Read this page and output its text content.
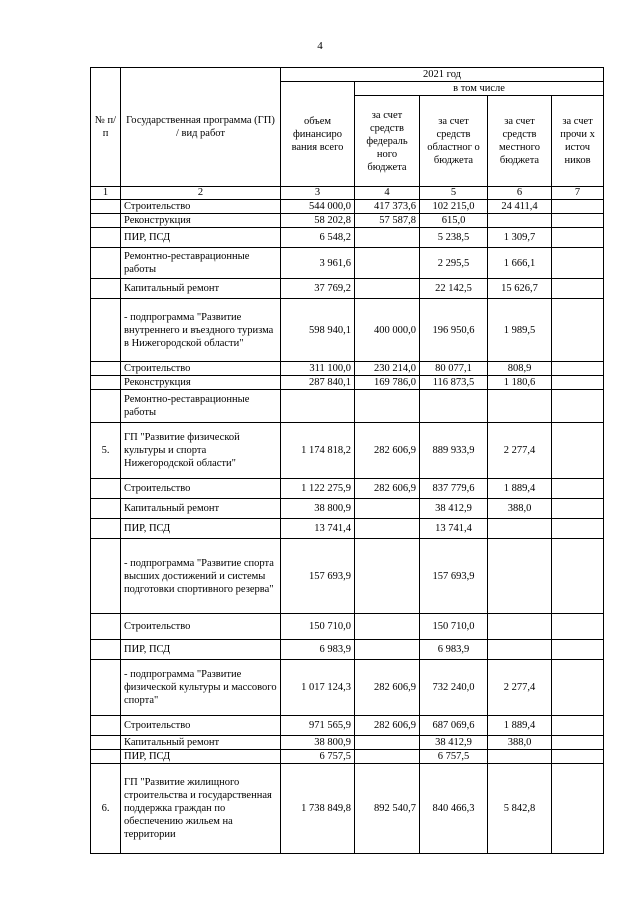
4
№ п/п	Государственная программа (ГП) / вид работ	2021 год				
		объем финансиро вания всего	в том числе			
			за счет средств федераль ного бюджета	за счет средств областног о бюджета	за счет средств местного бюджета	за счет прочи х источ ников
1	2	3	4	5	6	7
	Строительство	544 000,0	417 373,6	102 215,0	24 411,4	
	Реконструкция	58 202,8	57 587,8	615,0		
	ПИР, ПСД	6 548,2		5 238,5	1 309,7	
	Ремонтно-реставрационные работы	3 961,6		2 295,5	1 666,1	
	Капитальный ремонт	37 769,2		22 142,5	15 626,7	
	- подпрограмма "Развитие внутреннего и въездного туризма в Нижегородской области"	598 940,1	400 000,0	196 950,6	1 989,5	
	Строительство	311 100,0	230 214,0	80 077,1	808,9	
	Реконструкция	287 840,1	169 786,0	116 873,5	1 180,6	
	Ремонтно-реставрационные работы					
5.	ГП "Развитие физической культуры и спорта Нижегородской области"	1 174 818,2	282 606,9	889 933,9	2 277,4	
	Строительство	1 122 275,9	282 606,9	837 779,6	1 889,4	
	Капитальный ремонт	38 800,9		38 412,9	388,0	
	ПИР, ПСД	13 741,4		13 741,4		
	- подпрограмма "Развитие спорта высших достижений и системы подготовки спортивного резерва"	157 693,9		157 693,9		
	Строительство	150 710,0		150 710,0		
	ПИР, ПСД	6 983,9		6 983,9		
	- подпрограмма "Развитие физической культуры и массового спорта"	1 017 124,3	282 606,9	732 240,0	2 277,4	
	Строительство	971 565,9	282 606,9	687 069,6	1 889,4	
	Капитальный ремонт	38 800,9		38 412,9	388,0	
	ПИР, ПСД	6 757,5		6 757,5		
6.	ГП "Развитие жилищного строительства и государственная поддержка граждан по обеспечению жильем на территории	1 738 849,8	892 540,7	840 466,3	5 842,8	
